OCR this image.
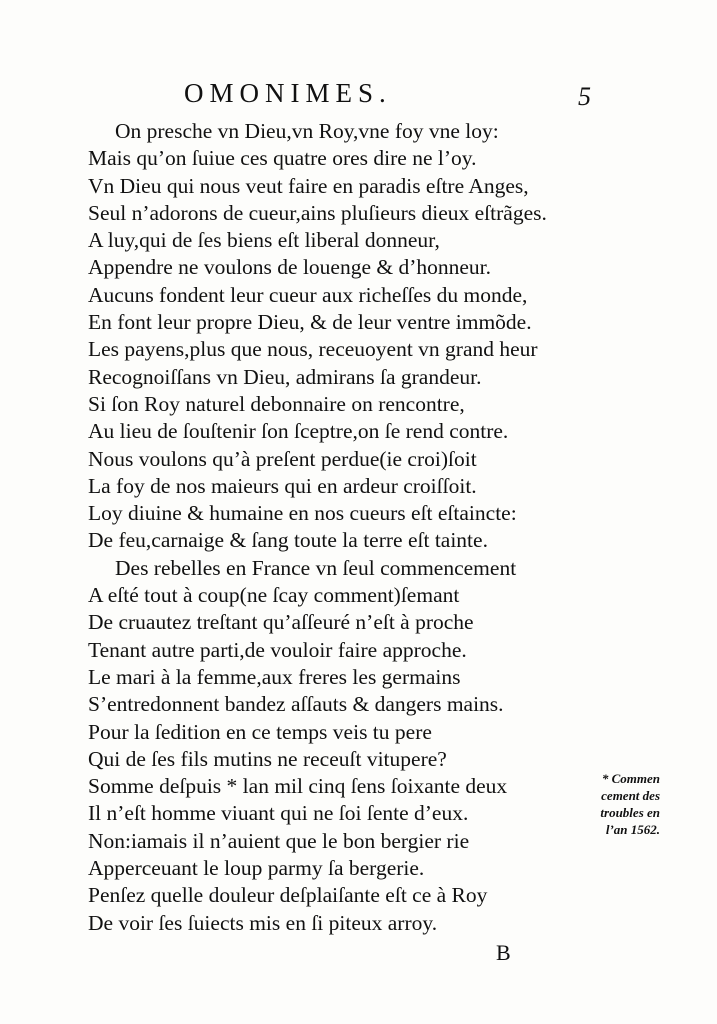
OMONIMES.	5
On presche vn Dieu,vn Roy,vne foy vne loy:
Mais qu’on ſuiue ces quatre ores dire ne l’oy.
Vn Dieu qui nous veut faire en paradis eſtre Anges,
Seul n’adorons de cueur,ains pluſieurs dieux eſtrãges.
A luy,qui de ſes biens eſt liberal donneur,
Appendre ne voulons de louenge & d’honneur.
Aucuns fondent leur cueur aux richeſſes du monde,
En font leur propre Dieu, & de leur ventre immõde.
Les payens,plus que nous, receuoyent vn grand heur
Recognoiſſans vn Dieu, admirans ſa grandeur.
Si ſon Roy naturel debonnaire on rencontre,
Au lieu de ſouſtenir ſon ſceptre,on ſe rend contre.
Nous voulons qu’à preſent perdue(ie croi)ſoit
La foy de nos maieurs qui en ardeur croiſſoit.
Loy diuine & humaine en nos cueurs eſt eſtaincte:
De feu,carnaige & ſang toute la terre eſt tainte.
Des rebelles en France vn ſeul commencement
A eſté tout à coup(ne ſcay comment)ſemant
De cruautez treſtant qu’aſſeuré n’eſt à proche
Tenant autre parti,de vouloir faire approche.
Le mari à la femme,aux freres les germains
S’entredonnent bandez aſſauts & dangers mains.
Pour la ſedition en ce temps veis tu pere
Qui de ſes fils mutins ne receuſt vitupere?
Somme deſpuis * lan mil cinq ſens ſoixante deux
Il n’eſt homme viuant qui ne ſoi ſente d’eux.
Non:iamais il n’auient que le bon bergier rie
Apperceuant le loup parmy ſa bergerie.
Penſez quelle douleur deſplaiſante eſt ce à Roy
De voir ſes ſuiects mis en ſi piteux arroy.
* Commen
cement des
troubles en
l’an 1562.
B
